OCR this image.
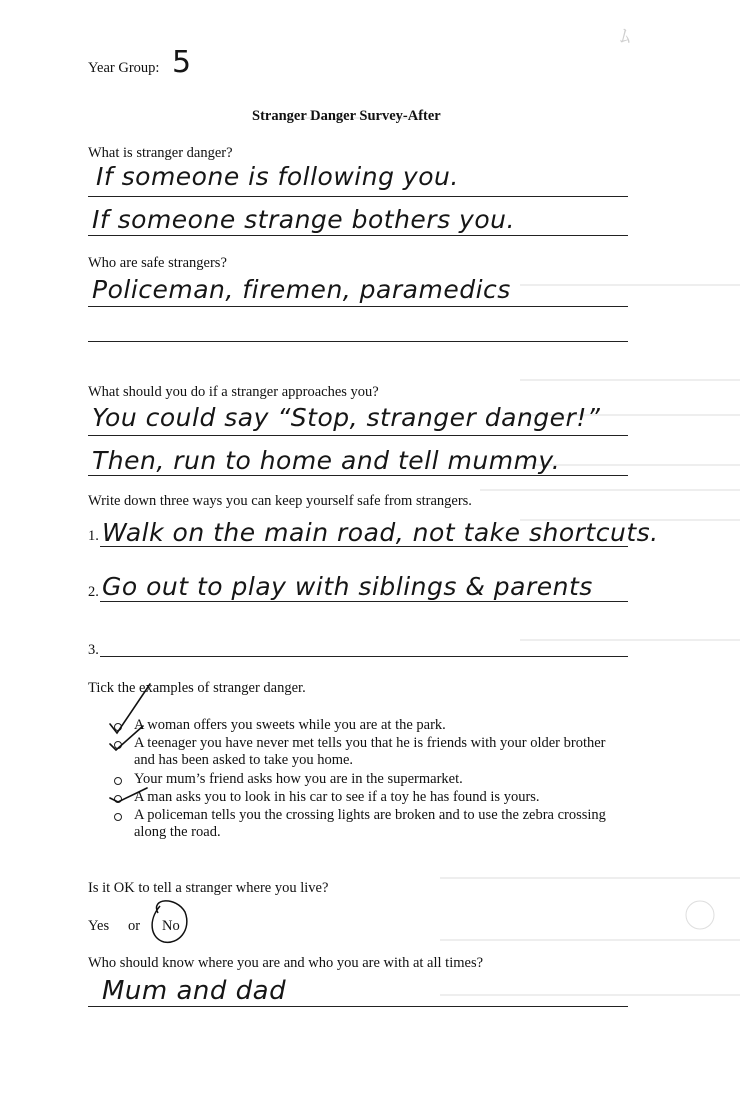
ﾑ
Year Group: 5
Stranger Danger Survey-After
What is stranger danger?
If someone is following you.
If someone strange bothers you.
Who are safe strangers?
Policeman, firemen, paramedics
What should you do if a stranger approaches you?
You could say “Stop, stranger danger!”
Then, run to home and tell mummy.
Write down three ways you can keep yourself safe from strangers.
1. Walk on the main road, not take shortcuts.
2. Go out to play with siblings & parents
3.
Tick the examples of stranger danger.
A woman offers you sweets while you are at the park.
A teenager you have never met tells you that he is friends with your older brother and has been asked to take you home.
Your mum’s friend asks how you are in the supermarket.
A man asks you to look in his car to see if a toy he has found is yours.
A policeman tells you the crossing lights are broken and to use the zebra crossing along the road.
Is it OK to tell a stranger where you live?
Yes or No
Who should know where you are and who you are with at all times?
Mum and dad
